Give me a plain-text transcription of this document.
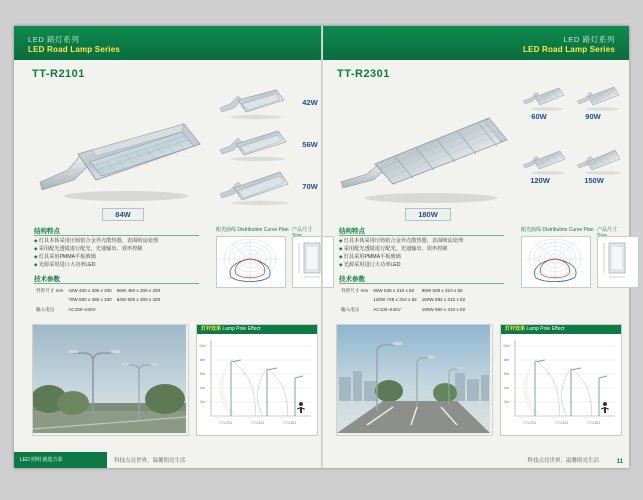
LED 路灯系列
LED Road Lamp Series
LED 路灯系列
LED Road Lamp Series
TT-R2101
84W
42W
56W
70W
结构特点
◆ 灯具本体采用压铸铝合金外壳散热器，表面喷涂处理
◆ 采用配光透镜进行配光，光通输出、效率控制
◆ 灯具采用PMMA平板玻璃
◆ 光源采用进口大功率LED
技术参数
外形尺寸 mm	42W 400 x 300 x 330	56W 460 x 300 x 330
	70W 500 x 365 x 330	84W 600 x 300 x 330
输入电压	AC100~240V	
配光曲线 Distribution Curve Plan 产品尺寸
TT-R2301
180W
60W	90W
120W	150W
结构特点
◆ 灯具本体采用压铸铝合金外壳散热器，表面喷涂处理
◆ 采用配光透镜进行配光，光通输出、效率控制
◆ 灯具采用PMMA平板玻璃
◆ 光源采用进口大功率LED
技术参数
外形尺寸 mm	60W 630 x 310 x 82	90W 639 x 310 x 82
	120W 745 x 310 x 82	150W 882 x 310 x 82
输入电压	AC100~240V	180W 960 x 310 x 82
配光曲线 Distribution Curve Plan 产品尺寸
灯杆效果 Lamp Pole Effect
10m
8m
6m
4m
2m
TT-2701	TT-2101	TT-2301
灯杆效果 Lamp Pole Effect
10m
8m
6m
4m
2m
TT-2701	TT-2101	TT-2301
LED 照明 就选吉泰	科技点亮世界，温馨照亮生活	科技点亮世界，温馨照亮生活	11
